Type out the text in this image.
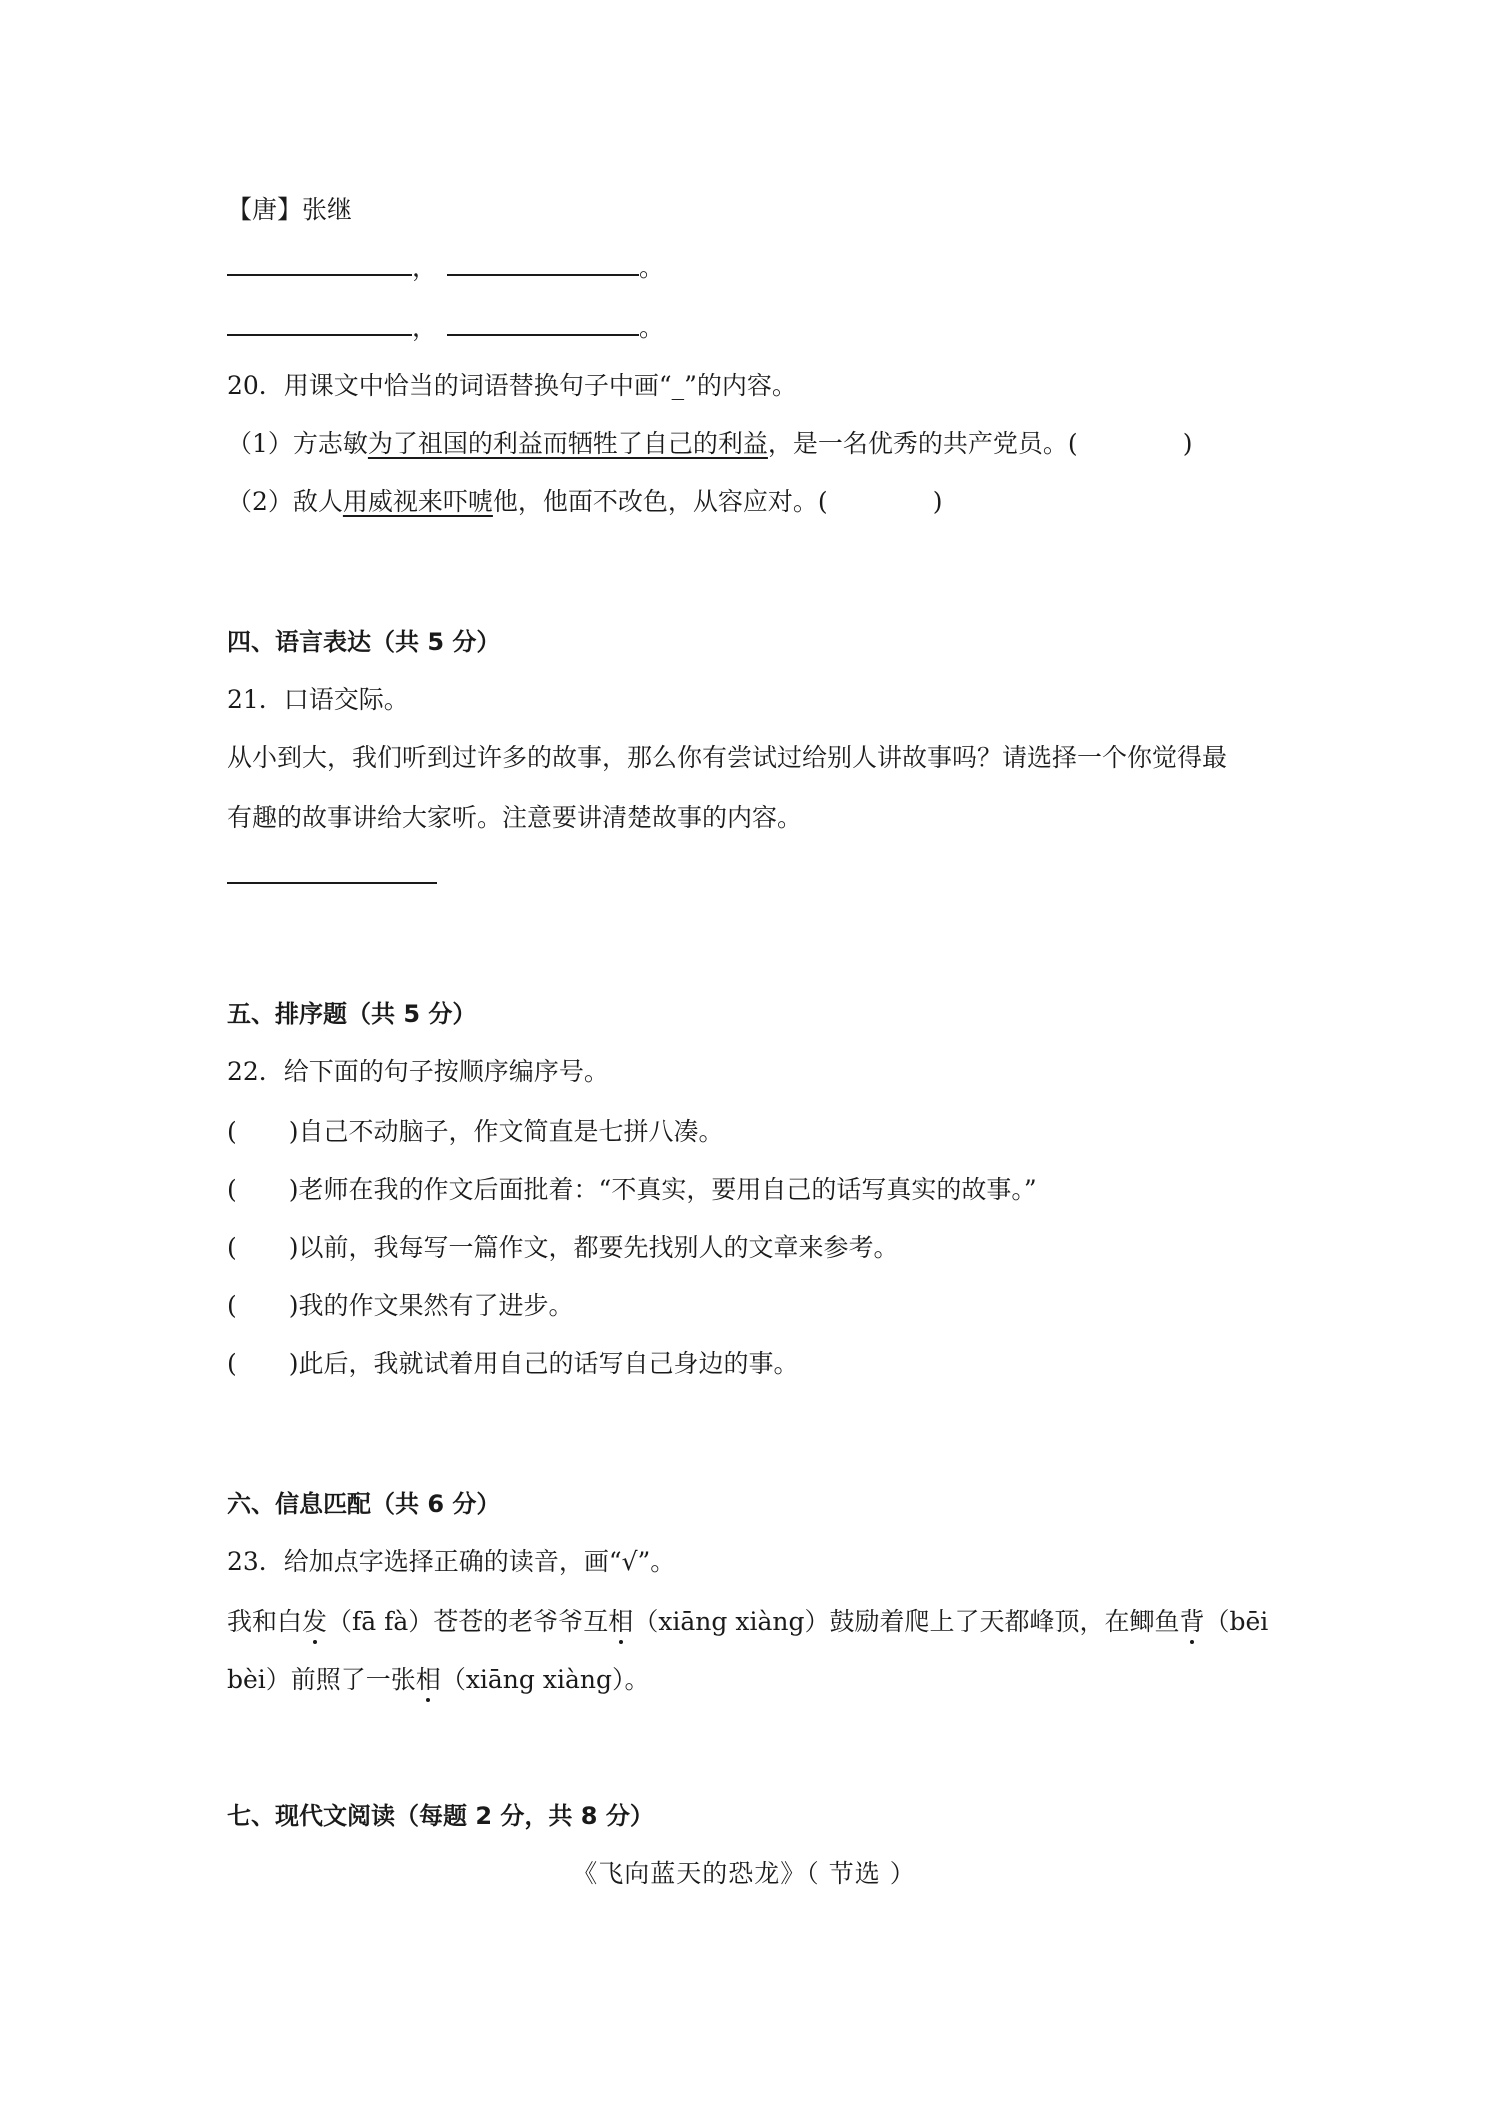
【唐】张继
，	。
，	。
20．用课文中恰当的词语替换句子中画“_”的内容。
（1）方志敏为了祖国的利益而牺牲了自己的利益，是一名优秀的共产党员。(	)
（2）敌人用威视来吓唬他，他面不改色，从容应对。(	)
四、语言表达（共 5 分）
21．口语交际。
从小到大，我们听到过许多的故事，那么你有尝试过给别人讲故事吗？请选择一个你觉得最
有趣的故事讲给大家听。注意要讲清楚故事的内容。
五、排序题（共 5 分）
22．给下面的句子按顺序编序号。
( )自己不动脑子，作文简直是七拼八凑。
( )老师在我的作文后面批着：“不真实，要用自己的话写真实的故事。”
( )以前，我每写一篇作文，都要先找别人的文章来参考。
( )我的作文果然有了进步。
( )此后，我就试着用自己的话写自己身边的事。
六、信息匹配（共 6 分）
23．给加点字选择正确的读音，画“√”。
我和白发（fā fà）苍苍的老爷爷互相（xiāng xiàng）鼓励着爬上了天都峰顶，在鲫鱼背（bēi
bèi）前照了一张相（xiāng xiàng）。
七、现代文阅读（每题 2 分，共 8 分）
《飞向蓝天的恐龙》（ 节选 ）
